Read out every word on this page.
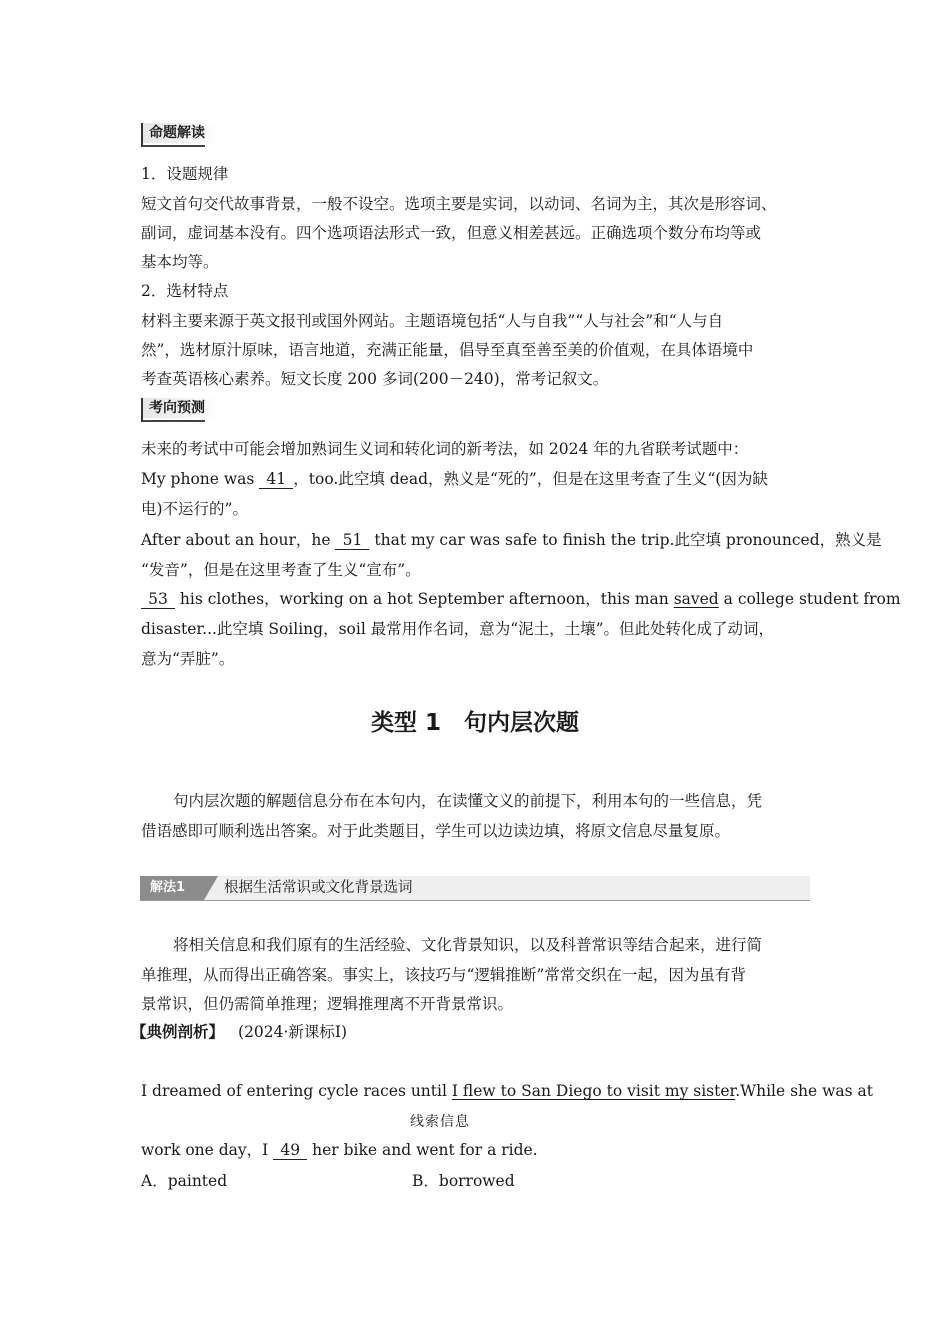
命题解读
1．设题规律
短文首句交代故事背景，一般不设空。选项主要是实词，以动词、名词为主，其次是形容词、
副词，虚词基本没有。四个选项语法形式一致，但意义相差甚远。正确选项个数分布均等或
基本均等。
2．选材特点
材料主要来源于英文报刊或国外网站。主题语境包括“人与自我”“人与社会”和“人与自
然”，选材原汁原味，语言地道，充满正能量，倡导至真至善至美的价值观，在具体语境中
考查英语核心素养。短文长度 200 多词(200－240)，常考记叙文。
考向预测
未来的考试中可能会增加熟词生义词和转化词的新考法，如 2024 年的九省联考试题中：
My phone was 41 ，too.此空填 dead，熟义是“死的”，但是在这里考查了生义“(因为缺
电)不运行的”。
After about an hour，he 51 that my car was safe to finish the trip.此空填 pronounced，熟义是
“发音”，但是在这里考查了生义“宣布”。
53 his clothes，working on a hot September afternoon，this man saved a college student from
disaster...此空填 Soiling，soil 最常用作名词，意为“泥土，土壤”。但此处转化成了动词，
意为“弄脏”。
类型 1　句内层次题
句内层次题的解题信息分布在本句内，在读懂文义的前提下，利用本句的一些信息，凭
借语感即可顺利选出答案。对于此类题目，学生可以边读边填，将原文信息尽量复原。
解法1	根据生活常识或文化背景选词
将相关信息和我们原有的生活经验、文化背景知识，以及科普常识等结合起来，进行简
单推理，从而得出正确答案。事实上，该技巧与“逻辑推断”常常交织在一起，因为虽有背
景常识，但仍需简单推理；逻辑推理离不开背景常识。
【典例剖析】 (2024·新课标Ⅰ)
I dreamed of entering cycle races until I flew to San Diego to visit my sister.While she was at
线索信息
work one day，I 49 her bike and went for a ride.
A．painted	B．borrowed
